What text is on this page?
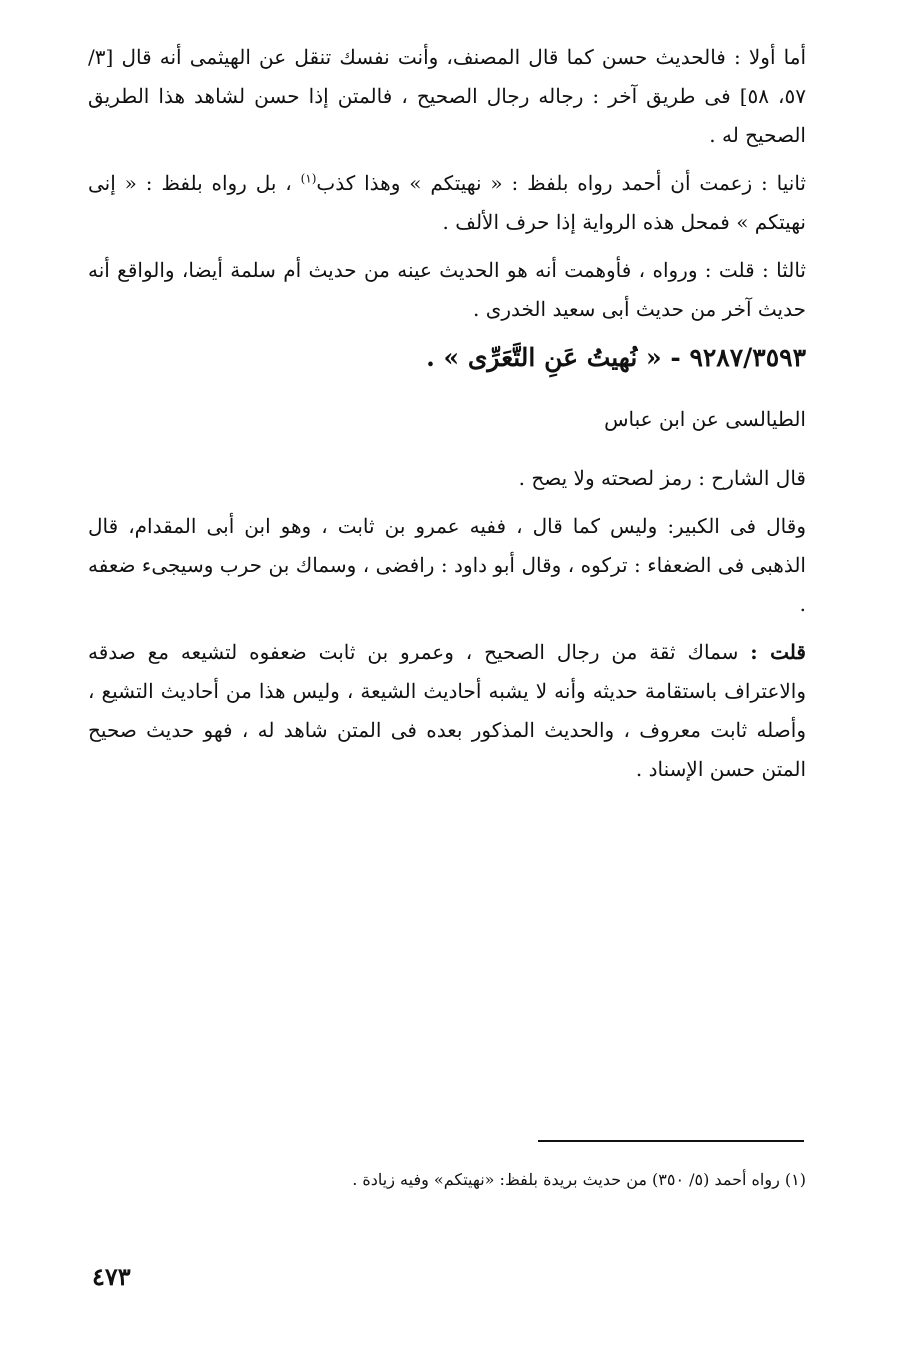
أما أولا : فالحديث حسن كما قال المصنف، وأنت نفسك تنقل عن الهيثمى أنه قال [٣/ ٥٧، ٥٨] فى طريق آخر : رجاله رجال الصحيح ، فالمتن إذا حسن لشاهد هذا الطريق الصحيح له .

ثانيا : زعمت أن أحمد رواه بلفظ : « نهيتكم » وهذا كذب$^{(١)}$ ، بل رواه بلفظ : « إنى نهيتكم » فمحل هذه الرواية إذا حرف الألف .

ثالثا : قلت : ورواه ، فأوهمت أنه هو الحديث عينه من حديث أم سلمة أيضا، والواقع أنه حديث آخر من حديث أبى سعيد الخدرى .

٩٢٨٧/٣٥٩٣ - « نُهيتُ عَنِ التَّعَرِّى » .

الطيالسى عن ابن عباس

قال الشارح : رمز لصحته ولا يصح .

وقال فى الكبير: وليس كما قال ، ففيه عمرو بن ثابت ، وهو ابن أبى المقدام، قال الذهبى فى الضعفاء : تركوه ، وقال أبو داود : رافضى ، وسماك بن حرب وسيجىء ضعفه .

قلت : سماك ثقة من رجال الصحيح ، وعمرو بن ثابت ضعفوه لتشيعه مع صدقه والاعتراف باستقامة حديثه وأنه لا يشبه أحاديث الشيعة ، وليس هذا من أحاديث التشيع ، وأصله ثابت معروف ، والحديث المذكور بعده فى المتن شاهد له ، فهو حديث صحيح المتن حسن الإسناد .

(١) رواه أحمد (٥/ ٣٥٠) من حديث بريدة بلفظ: «نهيتكم» وفيه زيادة .
٤٧٣
